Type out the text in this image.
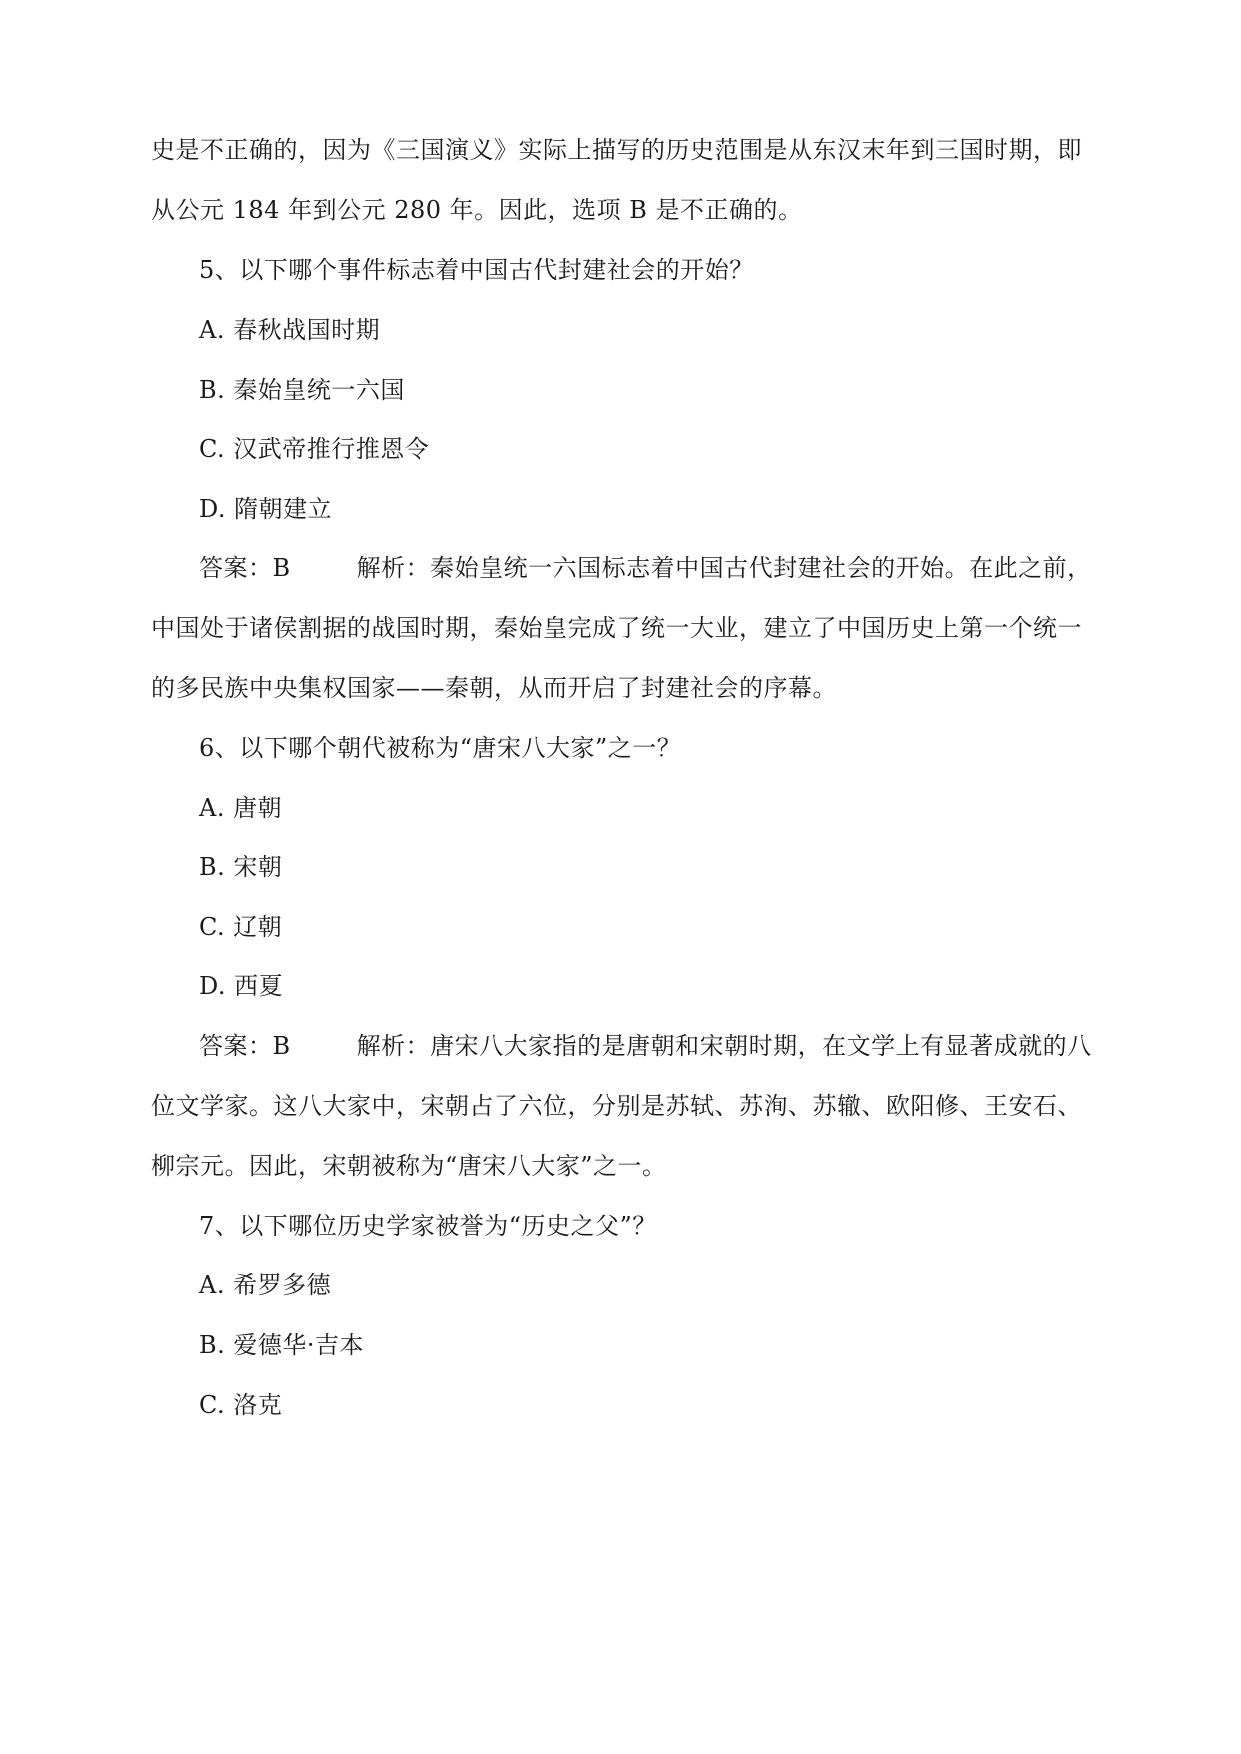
史是不正确的，因为《三国演义》实际上描写的历史范围是从东汉末年到三国时期，即
从公元 184 年到公元 280 年。因此，选项 B 是不正确的。
5、以下哪个事件标志着中国古代封建社会的开始？
A. 春秋战国时期
B. 秦始皇统一六国
C. 汉武帝推行推恩令
D. 隋朝建立
答案：B	解析：秦始皇统一六国标志着中国古代封建社会的开始。在此之前，
中国处于诸侯割据的战国时期，秦始皇完成了统一大业，建立了中国历史上第一个统一
的多民族中央集权国家——秦朝，从而开启了封建社会的序幕。
6、以下哪个朝代被称为“唐宋八大家”之一？
A. 唐朝
B. 宋朝
C. 辽朝
D. 西夏
答案：B	解析：唐宋八大家指的是唐朝和宋朝时期，在文学上有显著成就的八
位文学家。这八大家中，宋朝占了六位，分别是苏轼、苏洵、苏辙、欧阳修、王安石、
柳宗元。因此，宋朝被称为“唐宋八大家”之一。
7、以下哪位历史学家被誉为“历史之父”？
A. 希罗多德
B. 爱德华·吉本
C. 洛克
